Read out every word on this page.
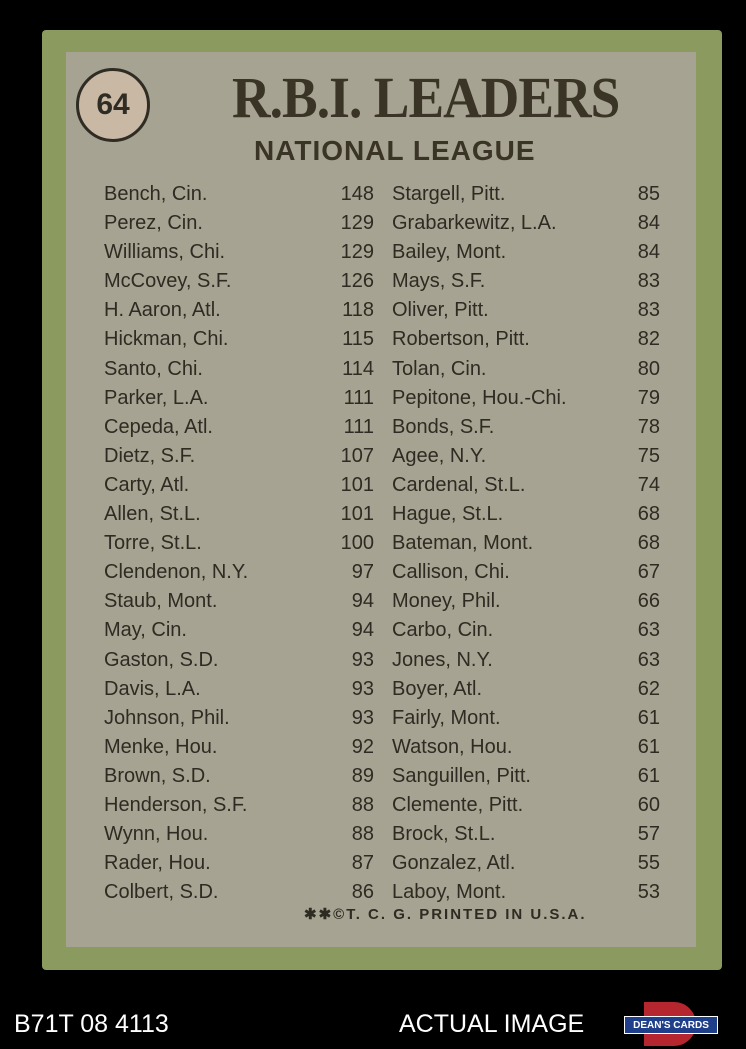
64 R.B.I. LEADERS
NATIONAL LEAGUE
Bench, Cin.	148
Perez, Cin.	129
Williams, Chi.	129
McCovey, S.F.	126
H. Aaron, Atl.	118
Hickman, Chi.	115
Santo, Chi.	114
Parker, L.A.	111
Cepeda, Atl.	111
Dietz, S.F.	107
Carty, Atl.	101
Allen, St.L.	101
Torre, St.L.	100
Clendenon, N.Y.	97
Staub, Mont.	94
May, Cin.	94
Gaston, S.D.	93
Davis, L.A.	93
Johnson, Phil.	93
Menke, Hou.	92
Brown, S.D.	89
Henderson, S.F.	88
Wynn, Hou.	88
Rader, Hou.	87
Colbert, S.D.	86
Stargell, Pitt.	85
Grabarkewitz, L.A.	84
Bailey, Mont.	84
Mays, S.F.	83
Oliver, Pitt.	83
Robertson, Pitt.	82
Tolan, Cin.	80
Pepitone, Hou.-Chi.	79
Bonds, S.F.	78
Agee, N.Y.	75
Cardenal, St.L.	74
Hague, St.L.	68
Bateman, Mont.	68
Callison, Chi.	67
Money, Phil.	66
Carbo, Cin.	63
Jones, N.Y.	63
Boyer, Atl.	62
Fairly, Mont.	61
Watson, Hou.	61
Sanguillen, Pitt.	61
Clemente, Pitt.	60
Brock, St.L.	57
Gonzalez, Atl.	55
Laboy, Mont.	53
✱✱©T. C. G. PRINTED IN U.S.A.
B71T 08 4113	ACTUAL IMAGE	DEAN'S CARDS
